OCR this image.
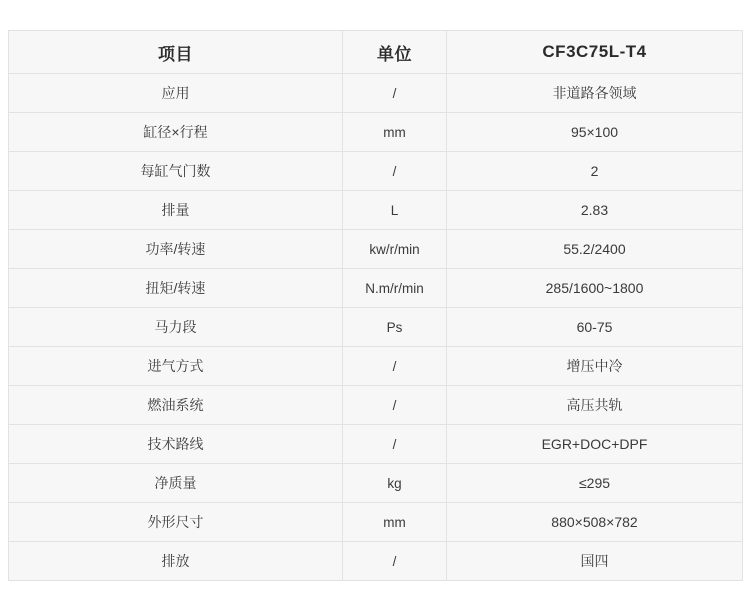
项目	单位	CF3C75L-T4
应用	/	非道路各领域
缸径×行程	mm	95×100
每缸气门数	/	2
排量	L	2.83
功率/转速	kw/r/min	55.2/2400
扭矩/转速	N.m/r/min	285/1600~1800
马力段	Ps	60-75
进气方式	/	增压中冷
燃油系统	/	高压共轨
技术路线	/	EGR+DOC+DPF
净质量	kg	≤295
外形尺寸	mm	880×508×782
排放	/	国四
